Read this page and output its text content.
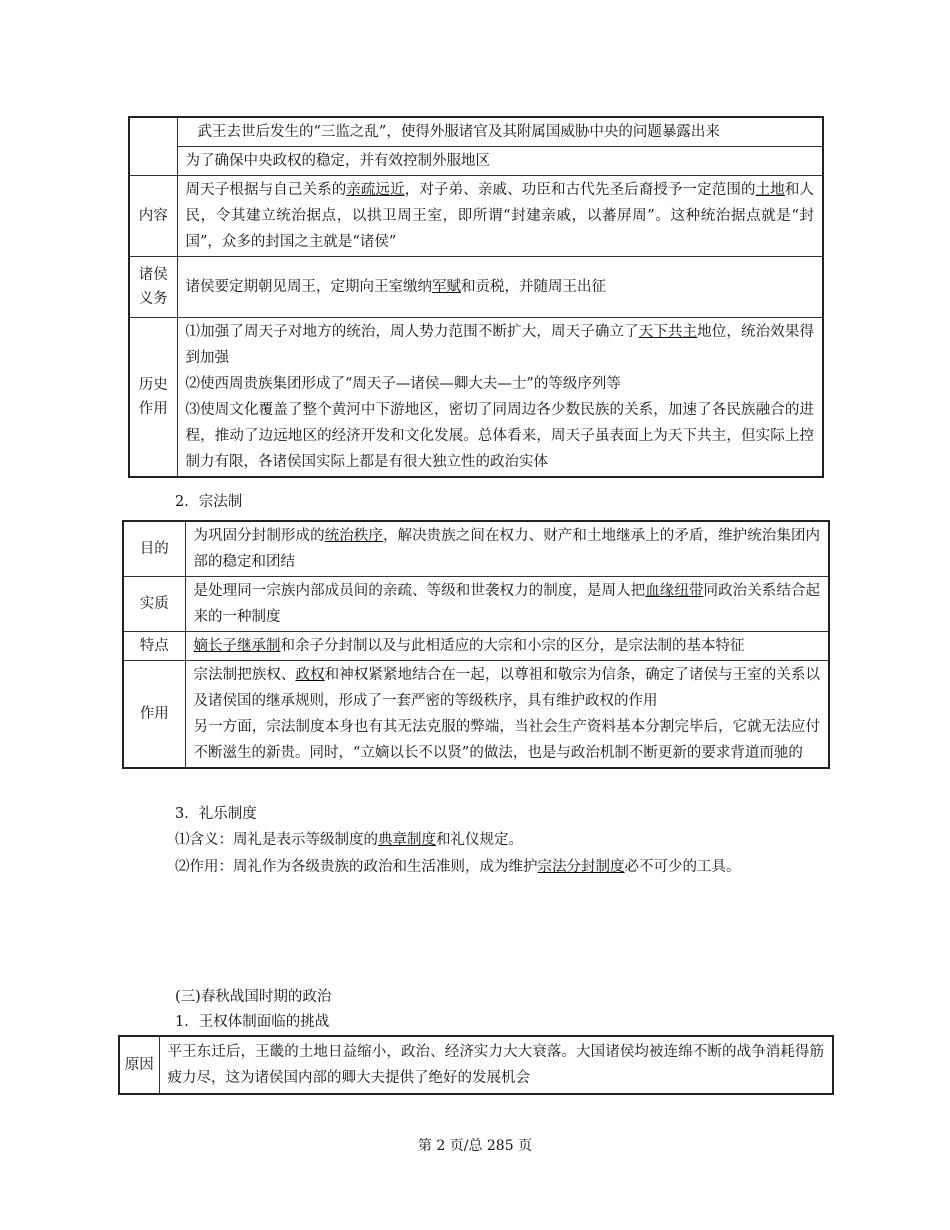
	武王去世后发生的“三监之乱”，使得外服诸官及其附属国威胁中央的问题暴露出来
	为了确保中央政权的稳定，并有效控制外服地区
内容	周天子根据与自己关系的亲疏远近，对子弟、亲戚、功臣和古代先圣后裔授予一定范围的土地和人民，令其建立统治据点，以拱卫周王室，即所谓“封建亲戚，以蕃屏周”。这种统治据点就是“封国”，众多的封国之主就是“诸侯”
诸侯义务	诸侯要定期朝见周王，定期向王室缴纳军赋和贡税，并随周王出征
历史作用	⑴加强了周天子对地方的统治，周人势力范围不断扩大，周天子确立了天下共主地位，统治效果得到加强
⑵使西周贵族集团形成了“周天子—诸侯—卿大夫—士”的等级序列等
⑶使周文化覆盖了整个黄河中下游地区，密切了同周边各少数民族的关系，加速了各民族融合的进程，推动了边远地区的经济开发和文化发展。总体看来，周天子虽表面上为天下共主，但实际上控制力有限，各诸侯国实际上都是有很大独立性的政治实体
2．宗法制
目的	为巩固分封制形成的统治秩序，解决贵族之间在权力、财产和土地继承上的矛盾，维护统治集团内部的稳定和团结
实质	是处理同一宗族内部成员间的亲疏、等级和世袭权力的制度，是周人把血缘纽带同政治关系结合起来的一种制度
特点	嫡长子继承制和余子分封制以及与此相适应的大宗和小宗的区分，是宗法制的基本特征
作用	宗法制把族权、政权和神权紧紧地结合在一起，以尊祖和敬宗为信条，确定了诸侯与王室的关系以及诸侯国的继承规则，形成了一套严密的等级秩序，具有维护政权的作用
另一方面，宗法制度本身也有其无法克服的弊端，当社会生产资料基本分割完毕后，它就无法应付不断滋生的新贵。同时，“立嫡以长不以贤”的做法，也是与政治机制不断更新的要求背道而驰的
3．礼乐制度
⑴含义：周礼是表示等级制度的典章制度和礼仪规定。
⑵作用：周礼作为各级贵族的政治和生活准则，成为维护宗法分封制度必不可少的工具。
(三)春秋战国时期的政治
1．王权体制面临的挑战
原因	平王东迁后，王畿的土地日益缩小，政治、经济实力大大衰落。大国诸侯均被连绵不断的战争消耗得筋疲力尽，这为诸侯国内部的卿大夫提供了绝好的发展机会
第 2 页/总 285 页
